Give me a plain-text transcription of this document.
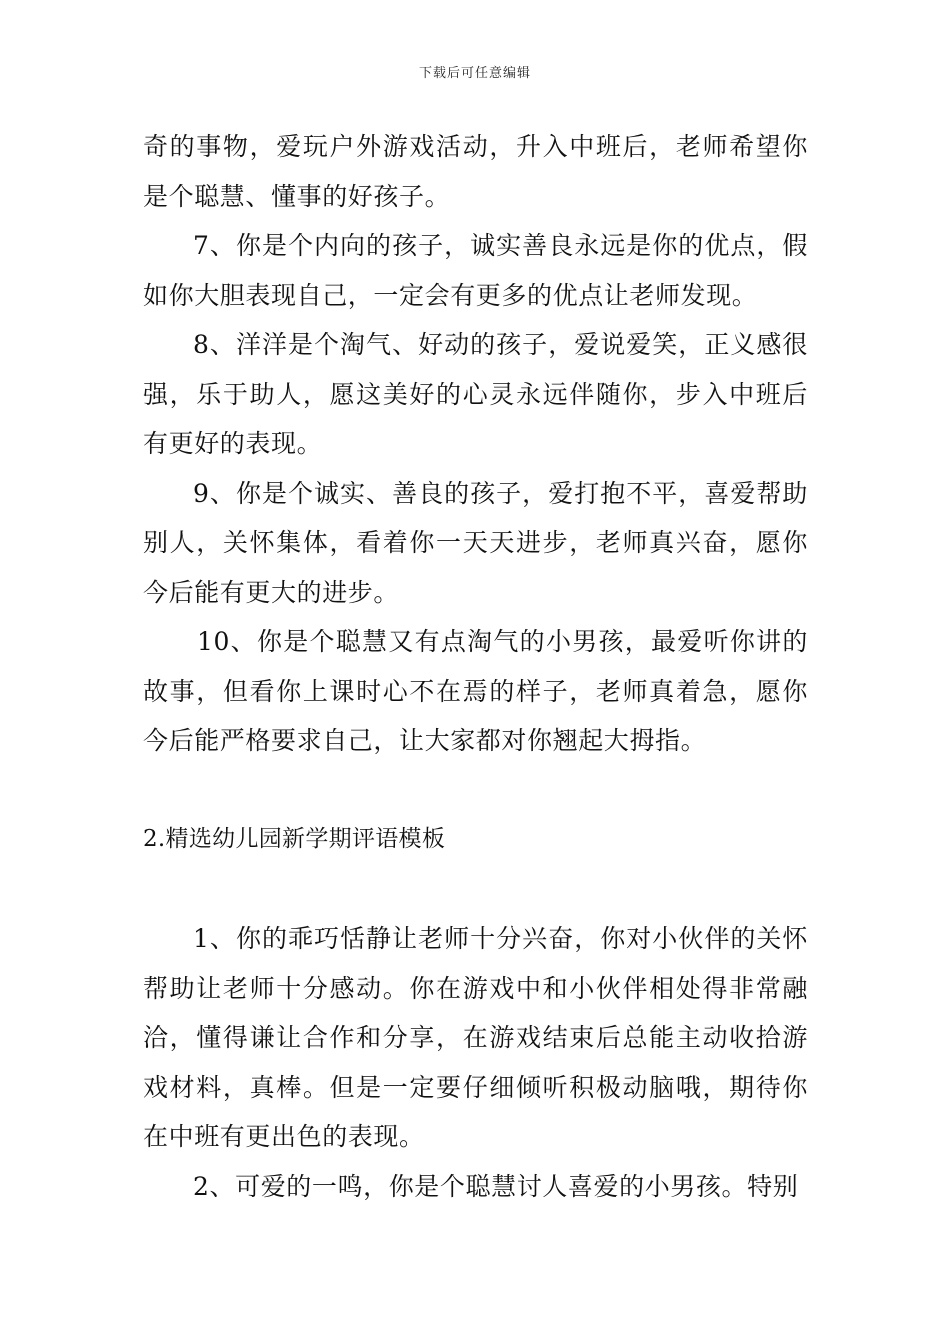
下载后可任意编辑

奇的事物，爱玩户外游戏活动，升入中班后，老师希望你是个聪慧、懂事的好孩子。

7、你是个内向的孩子，诚实善良永远是你的优点，假如你大胆表现自己，一定会有更多的优点让老师发现。

8、洋洋是个淘气、好动的孩子，爱说爱笑，正义感很强，乐于助人，愿这美好的心灵永远伴随你，步入中班后有更好的表现。

9、你是个诚实、善良的孩子，爱打抱不平，喜爱帮助别人，关怀集体，看着你一天天进步，老师真兴奋，愿你今后能有更大的进步。

10、你是个聪慧又有点淘气的小男孩，最爱听你讲的故事，但看你上课时心不在焉的样子，老师真着急，愿你今后能严格要求自己，让大家都对你翘起大拇指。

2.精选幼儿园新学期评语模板

1、你的乖巧恬静让老师十分兴奋，你对小伙伴的关怀帮助让老师十分感动。你在游戏中和小伙伴相处得非常融洽，懂得谦让合作和分享，在游戏结束后总能主动收拾游戏材料，真棒。但是一定要仔细倾听积极动脑哦，期待你在中班有更出色的表现。

2、可爱的一鸣，你是个聪慧讨人喜爱的小男孩。特别
